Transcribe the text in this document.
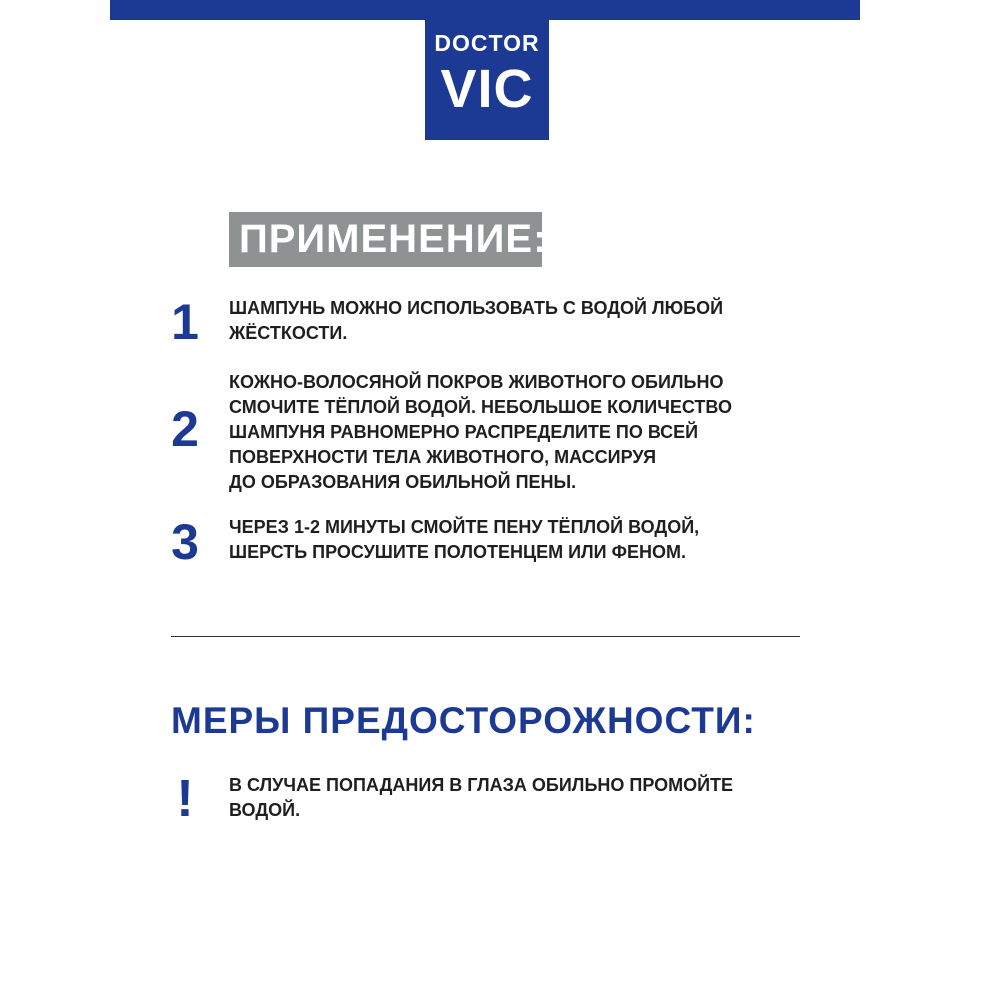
DOCTOR
VIC
ПРИМЕНЕНИЕ:
1	ШАМПУНЬ МОЖНО ИСПОЛЬЗОВАТЬ С ВОДОЙ ЛЮБОЙ
ЖЁСТКОСТИ.
2
КОЖНО-ВОЛОСЯНОЙ ПОКРОВ ЖИВОТНОГО ОБИЛЬНО
СМОЧИТЕ ТЁПЛОЙ ВОДОЙ. НЕБОЛЬШОЕ КОЛИЧЕСТВО
ШАМПУНЯ РАВНОМЕРНО РАСПРЕДЕЛИТЕ ПО ВСЕЙ
ПОВЕРХНОСТИ ТЕЛА ЖИВОТНОГО, МАССИРУЯ
ДО ОБРАЗОВАНИЯ ОБИЛЬНОЙ ПЕНЫ.
3	ЧЕРЕЗ 1-2 МИНУТЫ СМОЙТЕ ПЕНУ ТЁПЛОЙ ВОДОЙ,
ШЕРСТЬ ПРОСУШИТЕ ПОЛОТЕНЦЕМ ИЛИ ФЕНОМ.
МЕРЫ ПРЕДОСТОРОЖНОСТИ:
!	В СЛУЧАЕ ПОПАДАНИЯ В ГЛАЗА ОБИЛЬНО ПРОМОЙТЕ
ВОДОЙ.
